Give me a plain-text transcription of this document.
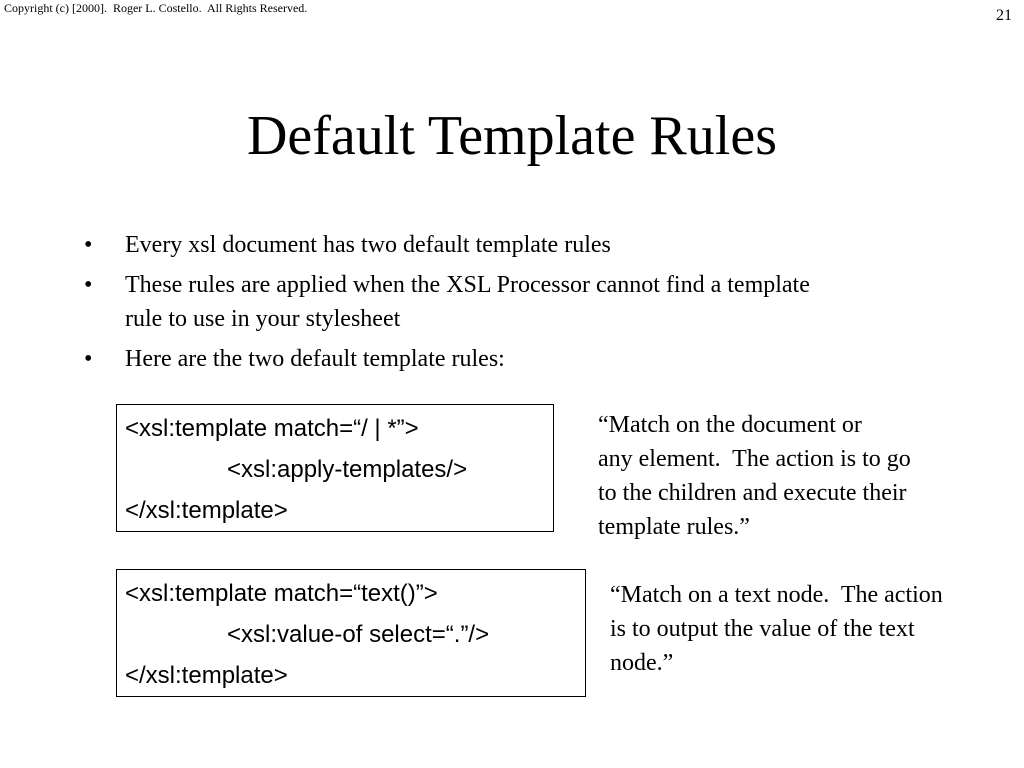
Copyright (c) [2000].  Roger L. Costello.  All Rights Reserved.	21
Default Template Rules
• Every xsl document has two default template rules
• These rules are applied when the XSL Processor cannot find a template
rule to use in your stylesheet
• Here are the two default template rules:
<xsl:template match=“/ | *”>
<xsl:apply-templates/>
</xsl:template>
“Match on the document or
any element.  The action is to go
to the children and execute their
template rules.”
<xsl:template match=“text()”>
<xsl:value-of select=“.”/>
</xsl:template>
“Match on a text node.  The action
is to output the value of the text
node.”
